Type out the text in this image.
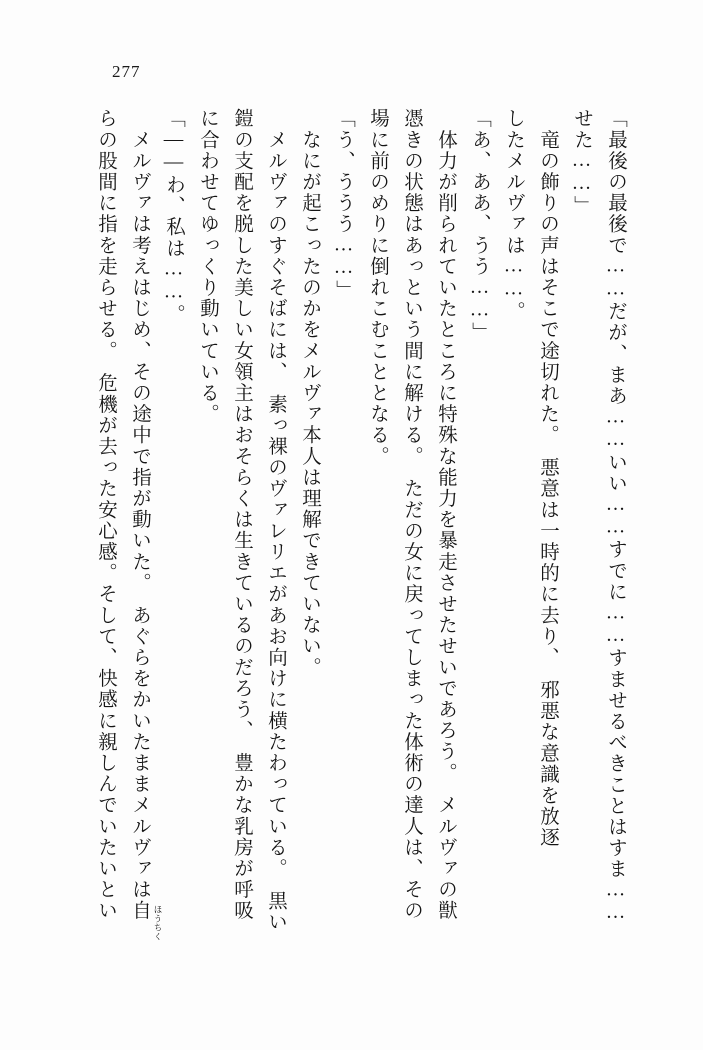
277
「最後の最後で……だが、まあ……いい……すでに……すませるべきことはすま……
せた……」
　竜の飾りの声はそこで途切れた。　悪意は一時的に去り、　邪悪な意識を放逐
したメルヴァは……。
「あ、ああ、うう……」
　体力が削られていたところに特殊な能力を暴走させたせいであろう。　メルヴァの獣
憑きの状態はあっという間に解ける。　ただの女に戻ってしまった体術の達人は、その
場に前のめりに倒れこむこととなる。
「う、ううう……」
　なにが起こったのかをメルヴァ本人は理解できていない。
　メルヴァのすぐそばには、　素っ裸のヴァレリエがあお向けに横たわっている。　黒い
鎧の支配を脱した美しい女領主はおそらくは生きているのだろう、　豊かな乳房が呼吸
に合わせてゆっくり動いている。
「――わ、私は……。
　メルヴァは考えはじめ、その途中で指が動いた。　あぐらをかいたままメルヴァは自
らの股間に指を走らせる。　危機が去った安心感。そして、快感に親しんでいたいとい
ほうちく
